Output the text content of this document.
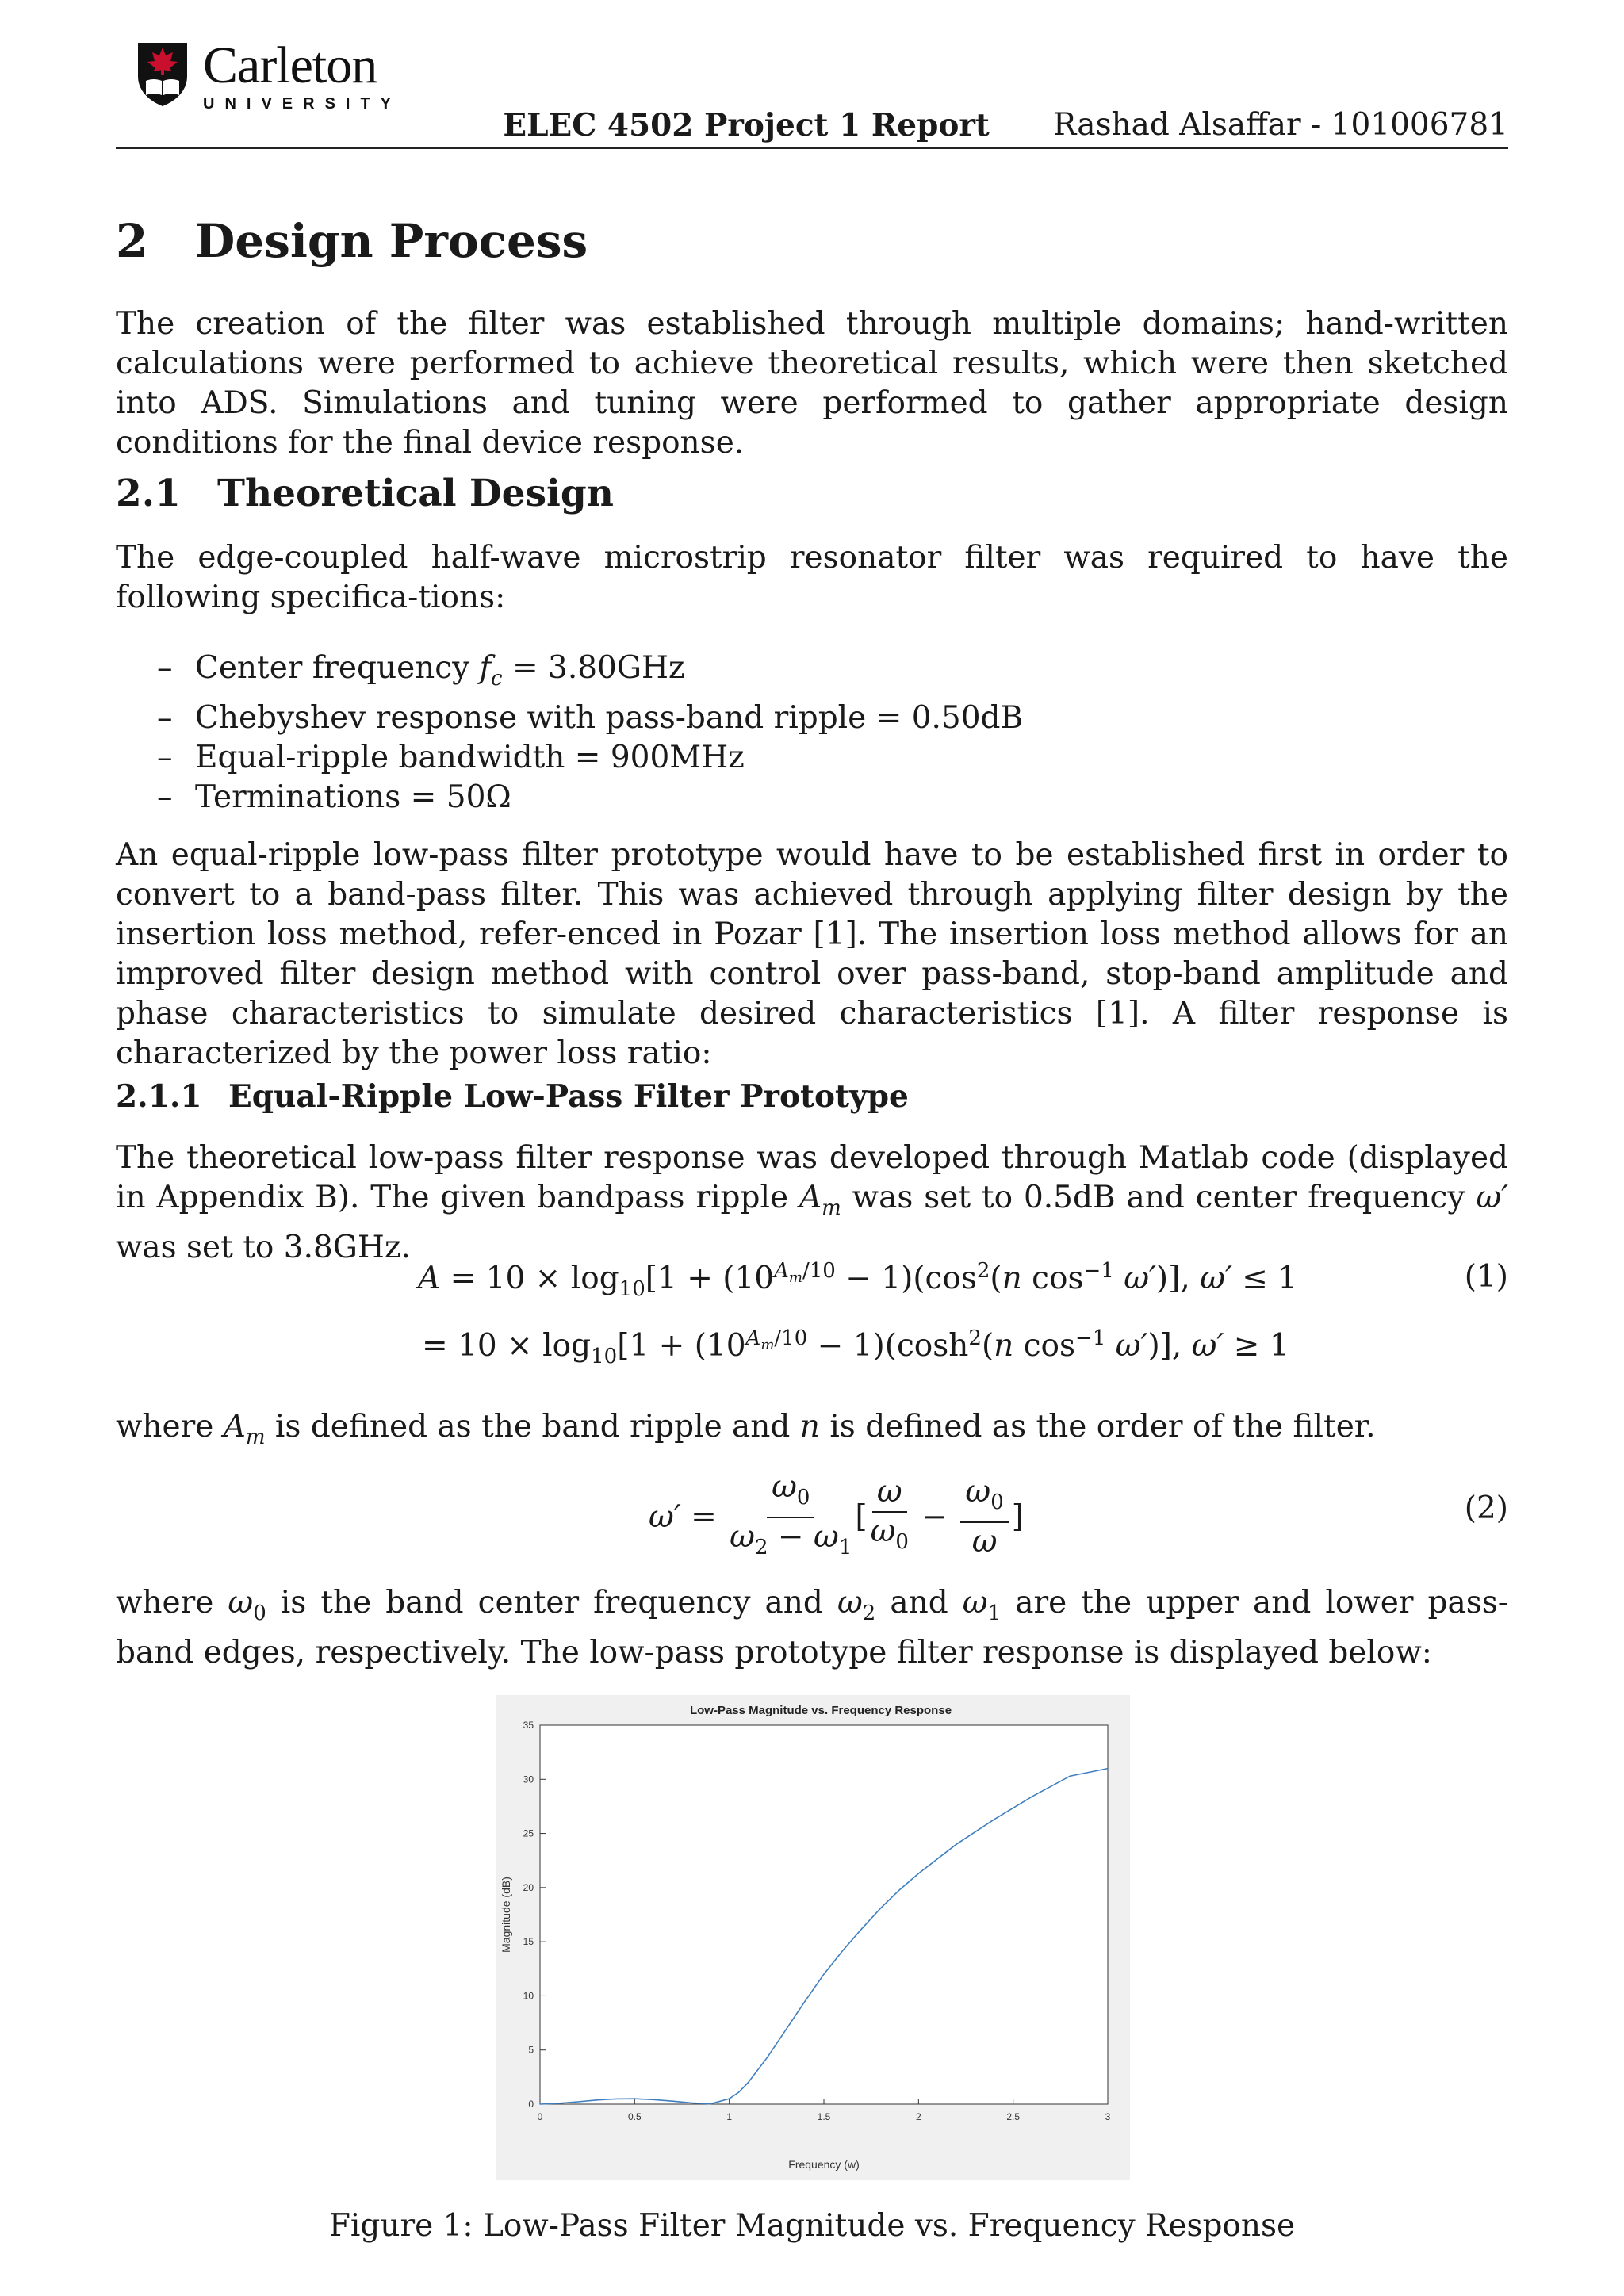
Carleton
UNIVERSITY
ELEC 4502 Project 1 Report Rashad Alsaffar - 101006781
2 Design Process

The creation of the filter was established through multiple domains; hand-written calculations were performed to achieve theoretical results, which were then sketched into ADS. Simulations and tuning were performed to gather appropriate design conditions for the final device response.

2.1 Theoretical Design

The edge-coupled half-wave microstrip resonator filter was required to have the following specifica-tions:

– Center frequency $f_c = 3.80GHz$
– Chebyshev response with pass-band ripple = 0.50dB
– Equal-ripple bandwidth = 900MHz
– Terminations = 50Ω

An equal-ripple low-pass filter prototype would have to be established first in order to convert to a band-pass filter. This was achieved through applying filter design by the insertion loss method, refer-enced in Pozar [1]. The insertion loss method allows for an improved filter design method with control over pass-band, stop-band amplitude and phase characteristics to simulate desired characteristics [1]. A filter response is characterized by the power loss ratio:

2.1.1 Equal-Ripple Low-Pass Filter Prototype

The theoretical low-pass filter response was developed through Matlab code (displayed in Appendix B). The given bandpass ripple $A_m$ was set to 0.5dB and center frequency ω′ was set to 3.8GHz.

$A = 10 \times \log_{10}[1 + (10^{A_m/10} - 1)(\cos^2(n$ $\cos^{-1} \omega'$)], ω′ ≤ 1	(1)
= $10 \times \log_{10}[1 + (10^{A_m/10} - 1)(\cosh^2(n$ $\cos^{-1} \omega'$)], ω′ ≥ 1

where $A_m$ is defined as the band ripple and n is defined as the order of the filter.

$\omega' = \frac{\omega_0}{\omega_2 - \omega_1}$ [ $\frac{\omega}{\omega_0} - \frac{\omega_0}{\omega}$ ]	(2)

where $\omega_0$ is the band center frequency and $\omega_2$ and $\omega_1$ are the upper and lower pass-band edges, respectively. The low-pass prototype filter response is displayed below:

Low-Pass Magnitude vs. Frequency Response
0	0.5	1	1.5	2	2.5	3
0
5
10
15
20
25
30
35
Frequency (w)
Magnitude (dB)
Figure 1: Low-Pass Filter Magnitude vs. Frequency Response
